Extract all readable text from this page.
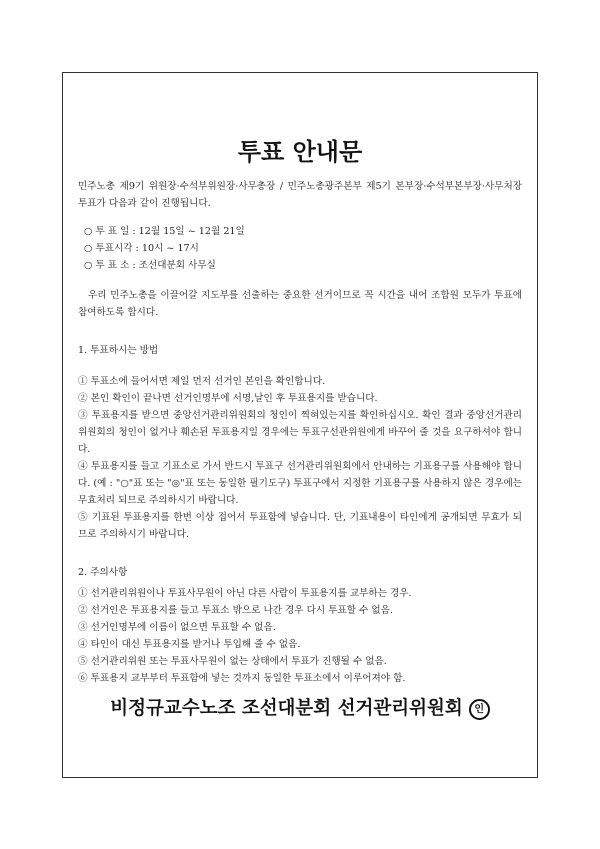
투표 안내문

민주노총 제9기 위원장·수석부위원장·사무총장 / 민주노총광주본부 제5기 본부장·수석부본부장·사무처장 투표가 다음과 같이 진행됩니다.

○ 투 표 일 : 12월 15일 ~ 12월 21일
○ 투표시각 : 10시 ~ 17시
○ 투 표 소 : 조선대분회 사무실

우리 민주노총을 이끌어갈 지도부를 선출하는 중요한 선거이므로 꼭 시간을 내어 조합원 모두가 투표에 참여하도록 합시다.

1. 투표하시는 방법

① 투표소에 들어서면 제일 먼저 선거인 본인을 확인합니다.

② 본인 확인이 끝나면 선거인명부에 서명,날인 후 투표용지를 받습니다.

③ 투표용지를 받으면 중앙선거관리위원회의 청인이 찍혀있는지를 확인하십시오. 확인 결과 중앙선거관리위원회의 청인이 없거나 훼손된 투표용지일 경우에는 투표구선관위원에게 바꾸어 줄 것을 요구하셔야 합니다.

④ 투표용지를 들고 기표소로 가서 반드시 투표구 선거관리위원회에서 안내하는 기표용구를 사용해야 합니다. (예 : "○"표 또는 "◎"표 또는 동일한 필기도구) 투표구에서 지정한 기표용구를 사용하지 않은 경우에는 무효처리 되므로 주의하시기 바랍니다.

⑤ 기표된 투표용지를 한번 이상 접어서 투표함에 넣습니다. 단, 기표내용이 타인에게 공개되면 무효가 되므로 주의하시기 바랍니다.

2. 주의사항

① 선거관리위원이나 투표사무원이 아닌 다른 사람이 투표용지를 교부하는 경우.

② 선거인은 투표용지를 들고 투표소 밖으로 나간 경우 다시 투표할 수 없음.

③ 선거인명부에 이름이 없으면 투표할 수 없음.

④ 타인이 대신 투표용지를 받거나 투입해 줄 수 없음.

⑤ 선거관리위원 또는 투표사무원이 없는 상태에서 투표가 진행될 수 없음.

⑥ 투표용지 교부부터 투표함에 넣는 것까지 동일한 투표소에서 이루어져야 함.

비정규교수노조 조선대분회 선거관리위원회 인
